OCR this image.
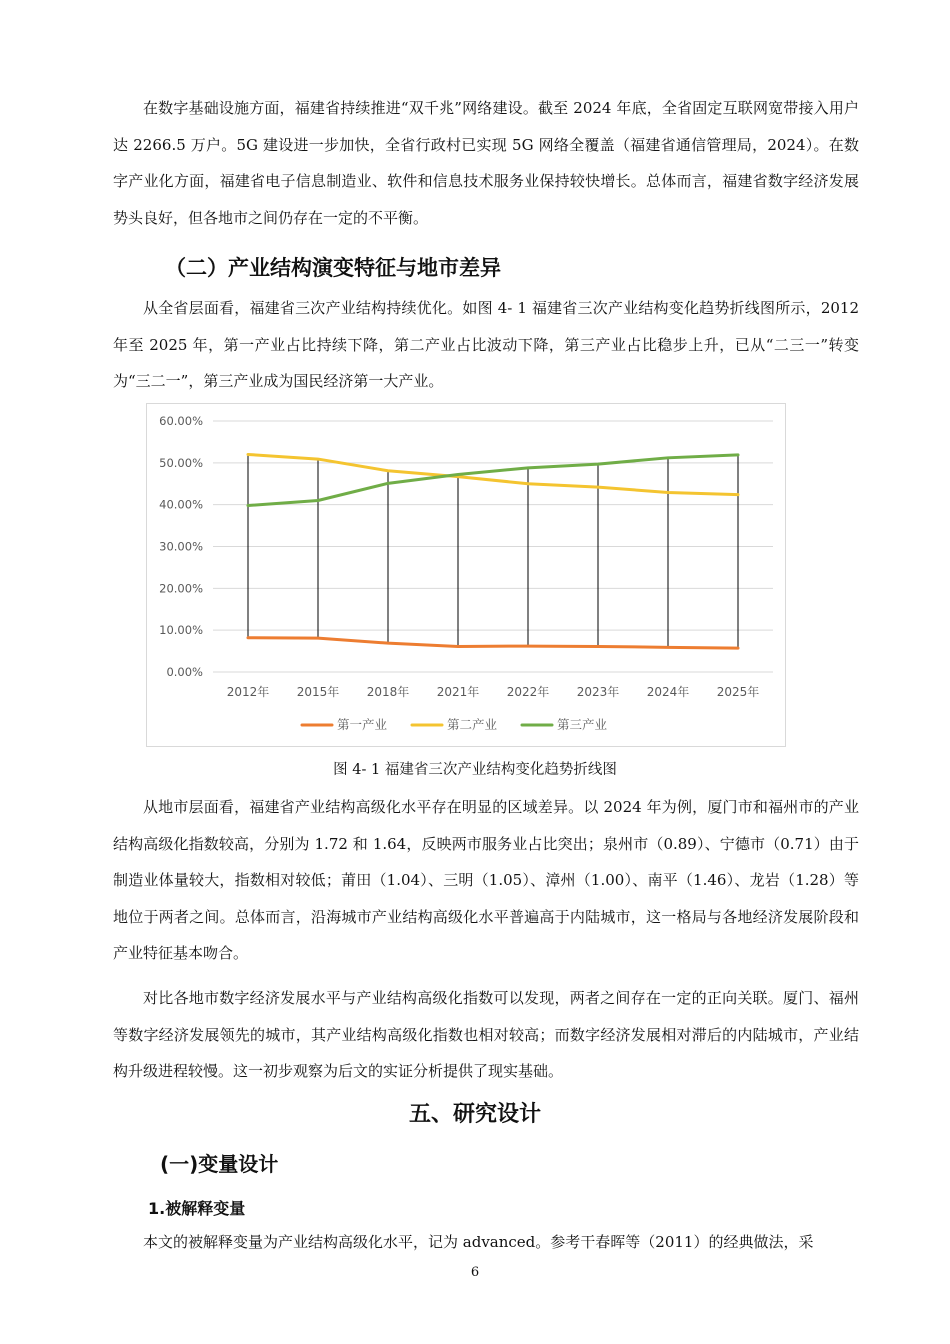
在数字基础设施方面，福建省持续推进“双千兆”网络建设。截至 2024 年底，全省固定互联网宽带接入用户达 2266.5 万户。5G 建设进一步加快，全省行政村已实现 5G 网络全覆盖（福建省通信管理局，2024）。在数字产业化方面，福建省电子信息制造业、软件和信息技术服务业保持较快增长。总体而言，福建省数字经济发展势头良好，但各地市之间仍存在一定的不平衡。

（二）产业结构演变特征与地市差异

从全省层面看，福建省三次产业结构持续优化。如图 4- 1 福建省三次产业结构变化趋势折线图所示，2012 年至 2025 年，第一产业占比持续下降，第二产业占比波动下降，第三产业占比稳步上升，已从“二三一”转变为“三二一”，第三产业成为国民经济第一大产业。

0.00%
10.00%
20.00%
30.00%
40.00%
50.00%
60.00%
2012年 2015年 2018年 2021年 2022年 2023年 2024年 2025年
第一产业	第二产业	第三产业
图 4- 1 福建省三次产业结构变化趋势折线图

从地市层面看，福建省产业结构高级化水平存在明显的区域差异。以 2024 年为例，厦门市和福州市的产业结构高级化指数较高，分别为 1.72 和 1.64，反映两市服务业占比突出；泉州市（0.89）、宁德市（0.71）由于制造业体量较大，指数相对较低；莆田（1.04）、三明（1.05）、漳州（1.00）、南平（1.46）、龙岩（1.28）等地位于两者之间。总体而言，沿海城市产业结构高级化水平普遍高于内陆城市，这一格局与各地经济发展阶段和产业特征基本吻合。

对比各地市数字经济发展水平与产业结构高级化指数可以发现，两者之间存在一定的正向关联。厦门、福州等数字经济发展领先的城市，其产业结构高级化指数也相对较高；而数字经济发展相对滞后的内陆城市，产业结构升级进程较慢。这一初步观察为后文的实证分析提供了现实基础。

五、研究设计
(一)变量设计
1.被解释变量

本文的被解释变量为产业结构高级化水平，记为 advanced。参考干春晖等（2011）的经典做法，采

6
